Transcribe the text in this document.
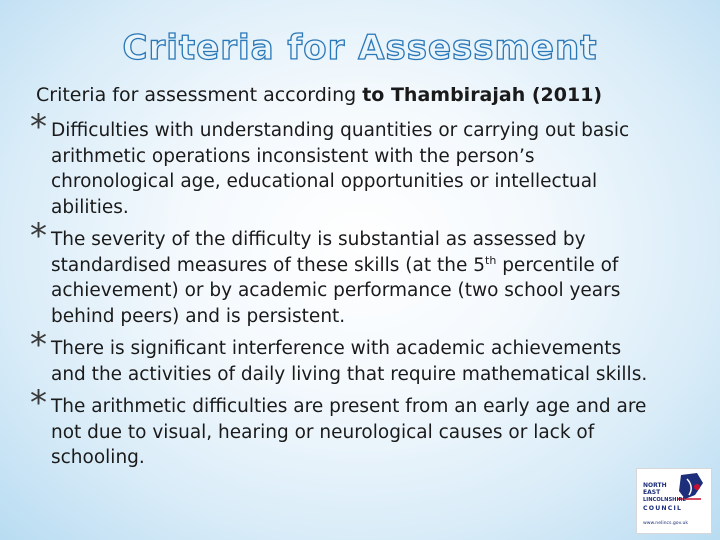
Criteria for Assessment
Criteria for assessment according to Thambirajah (2011)
* Difficulties with understanding quantities or carrying out basic
arithmetic operations inconsistent with the person’s
chronological age, educational opportunities or intellectual
abilities.
* The severity of the difficulty is substantial as assessed by
standardised measures of these skills (at the 5th percentile of
achievement) or by academic performance (two school years
behind peers) and is persistent.
* There is significant interference with academic achievements
and the activities of daily living that require mathematical skills.
* The arithmetic difficulties are present from an early age and are
not due to visual, hearing or neurological causes or lack of
schooling.
NORTH
EAST
LINCOLNSHIRE
COUNCIL
www.nelincs.gov.uk
